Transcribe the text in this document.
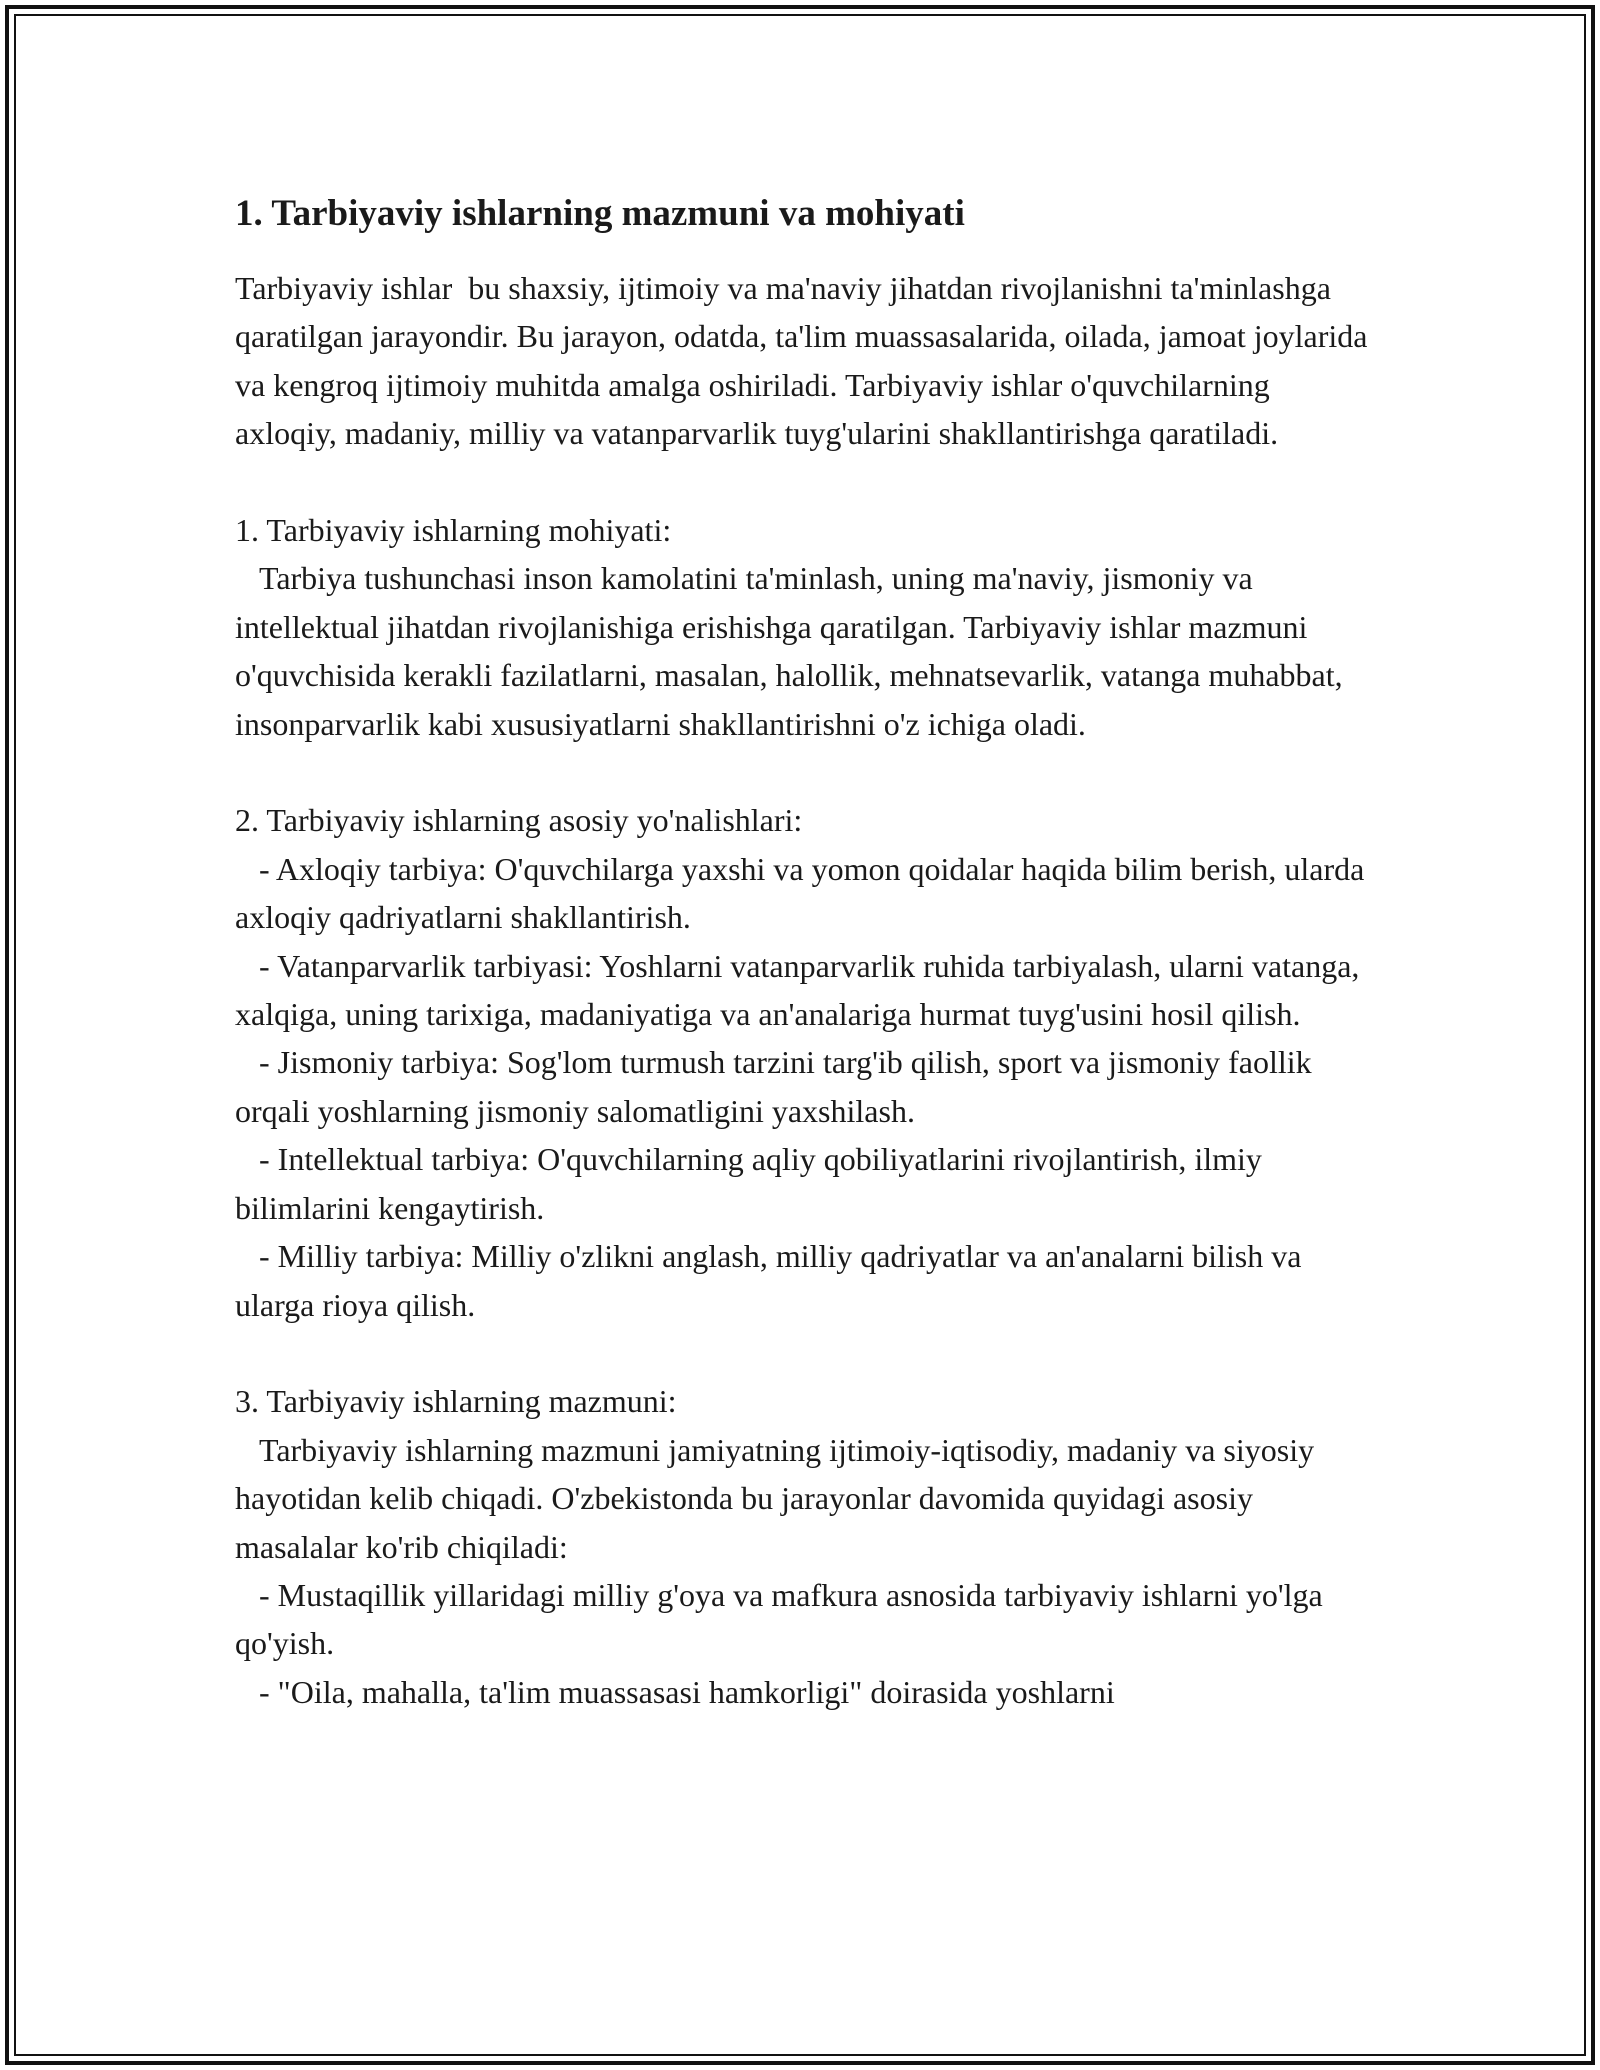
1. Tarbiyaviy ishlarning mazmuni va mohiyati

Tarbiyaviy ishlar  bu shaxsiy, ijtimoiy va ma'naviy jihatdan rivojlanishni ta'minlashga qaratilgan jarayondir. Bu jarayon, odatda, ta'lim muassasalarida, oilada, jamoat joylarida va kengroq ijtimoiy muhitda amalga oshiriladi. Tarbiyaviy ishlar o'quvchilarning axloqiy, madaniy, milliy va vatanparvarlik tuyg'ularini shakllantirishga qaratiladi.

1. Tarbiyaviy ishlarning mohiyati:

Tarbiya tushunchasi inson kamolatini ta'minlash, uning ma'naviy, jismoniy va intellektual jihatdan rivojlanishiga erishishga qaratilgan. Tarbiyaviy ishlar mazmuni o'quvchisida kerakli fazilatlarni, masalan, halollik, mehnatsevarlik, vatanga muhabbat, insonparvarlik kabi xususiyatlarni shakllantirishni o'z ichiga oladi.

2. Tarbiyaviy ishlarning asosiy yo'nalishlari:

- Axloqiy tarbiya: O'quvchilarga yaxshi va yomon qoidalar haqida bilim berish, ularda axloqiy qadriyatlarni shakllantirish.

- Vatanparvarlik tarbiyasi: Yoshlarni vatanparvarlik ruhida tarbiyalash, ularni vatanga, xalqiga, uning tarixiga, madaniyatiga va an'analariga hurmat tuyg'usini hosil qilish.

- Jismoniy tarbiya: Sog'lom turmush tarzini targ'ib qilish, sport va jismoniy faollik orqali yoshlarning jismoniy salomatligini yaxshilash.

- Intellektual tarbiya: O'quvchilarning aqliy qobiliyatlarini rivojlantirish, ilmiy bilimlarini kengaytirish.

- Milliy tarbiya: Milliy o'zlikni anglash, milliy qadriyatlar va an'analarni bilish va ularga rioya qilish.

3. Tarbiyaviy ishlarning mazmuni:

Tarbiyaviy ishlarning mazmuni jamiyatning ijtimoiy-iqtisodiy, madaniy va siyosiy hayotidan kelib chiqadi. O'zbekistonda bu jarayonlar davomida quyidagi asosiy masalalar ko'rib chiqiladi:

- Mustaqillik yillaridagi milliy g'oya va mafkura asnosida tarbiyaviy ishlarni yo'lga qo'yish.

- "Oila, mahalla, ta'lim muassasasi hamkorligi" doirasida yoshlarni
